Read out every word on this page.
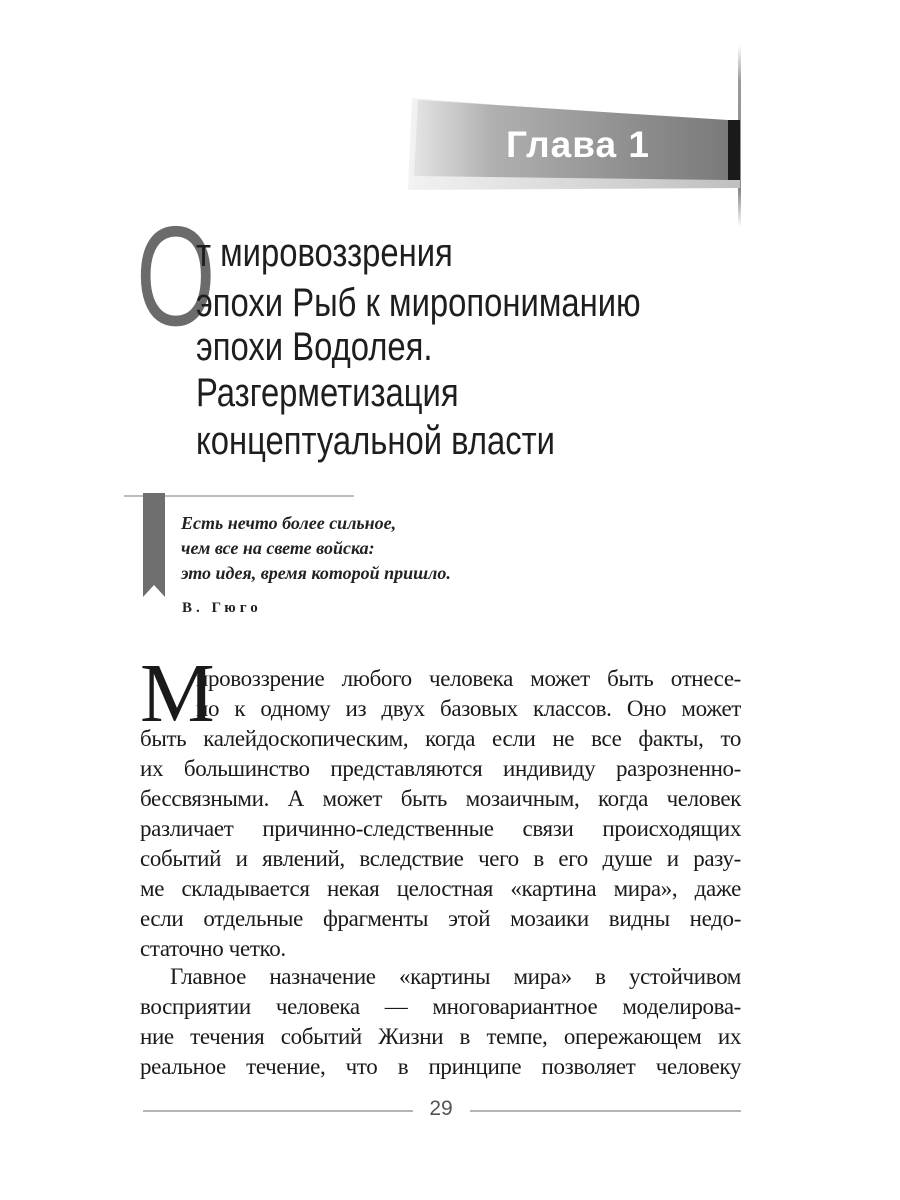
Глава 1
О
т мировоззрения
эпохи Рыб к миропониманию
эпохи Водолея.
Разгерметизация
концептуальной власти
Есть нечто более сильное,
чем все на свете войска:
это идея, время которой пришло.
В. Гюго
М
ировоззрение любого человека может быть отнесе-
но к одному из двух базовых классов. Оно может
быть калейдоскопическим, когда если не все факты, то
их большинство представляются индивиду разрозненно-
бессвязными. А может быть мозаичным, когда человек
различает причинно-следственные связи происходящих
событий и явлений, вследствие чего в его душе и разу-
ме складывается некая целостная «картина мира», даже
если отдельные фрагменты этой мозаики видны недо-
статочно четко.
Главное назначение «картины мира» в устойчивом
восприятии человека — многовариантное моделирова-
ние течения событий Жизни в темпе, опережающем их
реальное течение, что в принципе позволяет человеку
29
